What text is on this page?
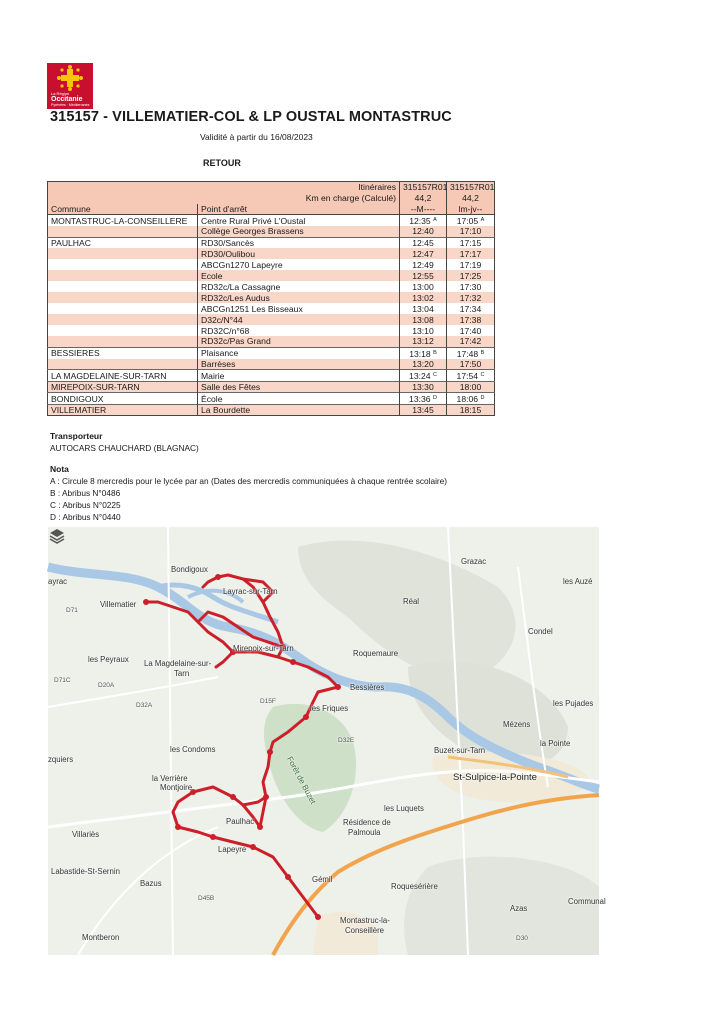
La Région
Occitanie
Pyrénées · Méditerranée
315157 - VILLEMATIER-COL & LP OUSTAL MONTASTRUC
Validité à partir du 16/08/2023
RETOUR
	Itinéraires	315157R01	315157R01
	Km en charge (Calculé)	44,2	44,2
Commune	Point d'arrêt	--M----	lm-jv--
MONTASTRUC-LA-CONSEILLERE	Centre Rural Privé L'Oustal	12:35 $^A$	17:05 $^A$
	Collège Georges Brassens	12:40	17:10
PAULHAC	RD30/Sancès	12:45	17:15
	RD30/Oulibou	12:47	17:17
	ABCGn1270 Lapeyre	12:49	17:19
	Ecole	12:55	17:25
	RD32c/La Cassagne	13:00	17:30
	RD32c/Les Audus	13:02	17:32
	ABCGn1251 Les Bisseaux	13:04	17:34
	D32c/N°44	13:08	17:38
	RD32C/n°68	13:10	17:40
	RD32c/Pas Grand	13:12	17:42
BESSIERES	Plaisance	13:18 $^B$	17:48 $^B$
	Barrèses	13:20	17:50
LA MAGDELAINE-SUR-TARN	Mairie	13:24 $^C$	17:54 $^C$
MIREPOIX-SUR-TARN	Salle des Fêtes	13:30	18:00
BONDIGOUX	École	13:36 $^D$	18:06 $^D$
VILLEMATIER	La Bourdette	13:45	18:15
Transporteur
AUTOCARS CHAUCHARD (BLAGNAC)
Nota
A : Circule 8 mercredis pour le lycée par an (Dates des mercredis communiquées à chaque rentrée scolaire)
B : Abribus N°0486
C : Abribus N°0225
D : Abribus N°0440
Grazac
les Auzé
Bondigoux
Layrac-sur-Tarn
Réal
Villematier
ayrac
D71
Condel
Mirepoix-sur-Tarn
Roquemaure
les Peyraux La Magdelaine-sur-
Tarn
D71C
D20A	Bessières
D32A
D15F
les Friques
les Pujades
Mézens
D32E
les Condoms
la Pointe
Buzet-sur-Tarn
zquiers
St-Sulpice-la-Pointe
la Verrière
Montjoire	Forêt de Buzet
les Luquets
Paulhac	Résidence de
Palmoula
Villariès
Lapeyre
Labastide-St-Sernin
Gémil
Roquesérière
Bazus
D45B	Communal
Azas
Montastruc-la-
Conseillère
Montberon	D30
